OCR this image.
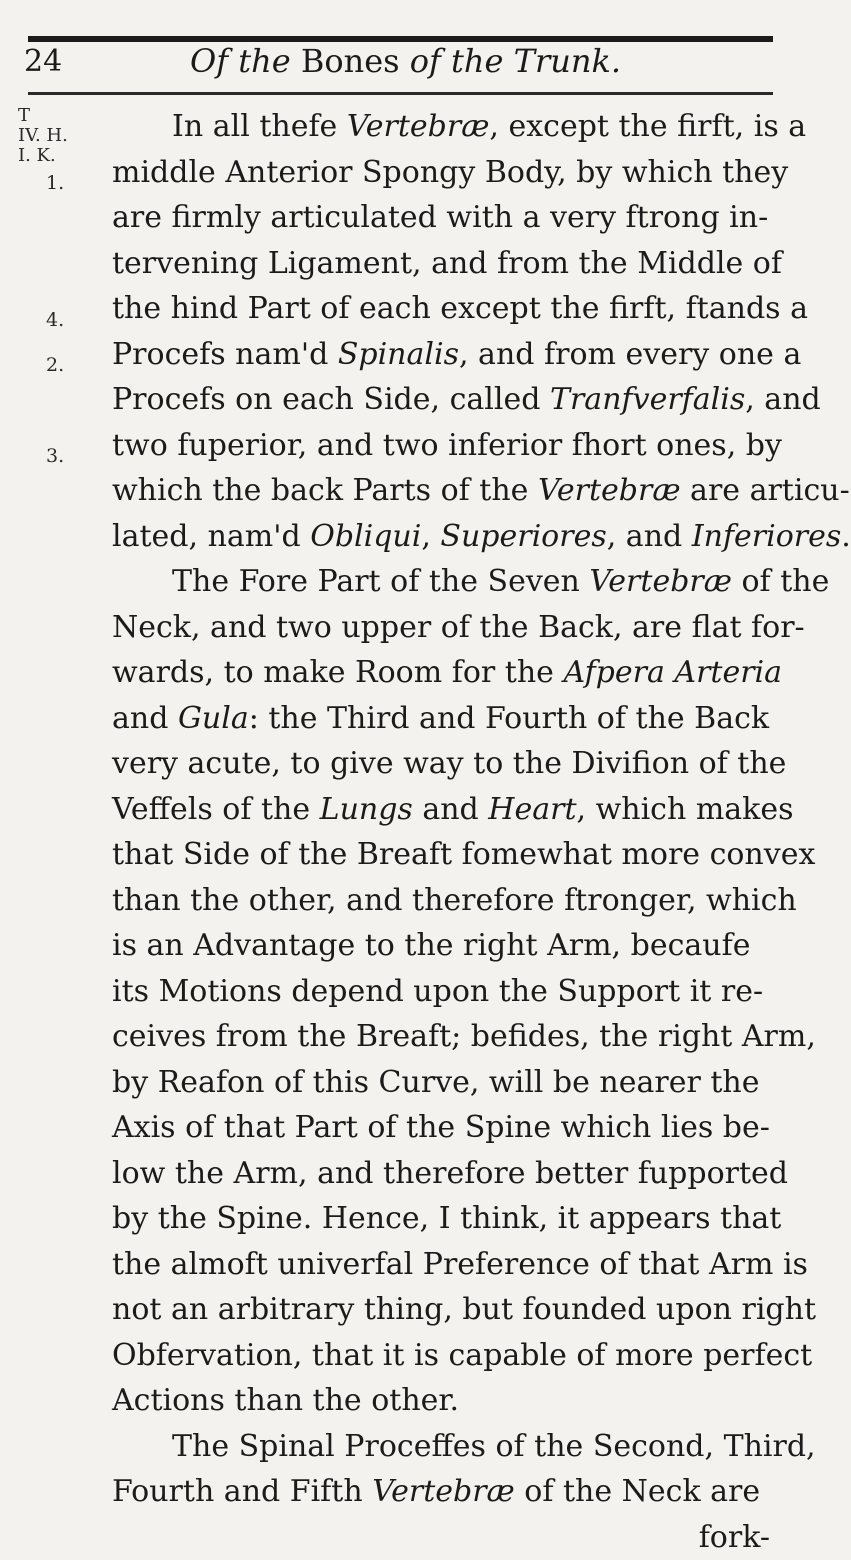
24	Of the Bones of the Trunk.
T
IV. H.
I. K.
1.
4.
2.
3.
In all thefe Vertebræ, except the firft, is a
middle Anterior Spongy Body, by which they
are firmly articulated with a very ftrong in-
tervening Ligament, and from the Middle of
the hind Part of each except the firft, ftands a
Procefs nam'd Spinalis, and from every one a
Procefs on each Side, called Tranfverfalis, and
two fuperior, and two inferior fhort ones, by
which the back Parts of the Vertebræ are articu-
lated, nam'd Obliqui, Superiores, and Inferiores.
The Fore Part of the Seven Vertebræ of the
Neck, and two upper of the Back, are flat for-
wards, to make Room for the Afpera Arteria
and Gula: the Third and Fourth of the Back
very acute, to give way to the Divifion of the
Veffels of the Lungs and Heart, which makes
that Side of the Breaft fomewhat more convex
than the other, and therefore ftronger, which
is an Advantage to the right Arm, becaufe
its Motions depend upon the Support it re-
ceives from the Breaft; befides, the right Arm,
by Reafon of this Curve, will be nearer the
Axis of that Part of the Spine which lies be-
low the Arm, and therefore better fupported
by the Spine. Hence, I think, it appears that
the almoft univerfal Preference of that Arm is
not an arbitrary thing, but founded upon right
Obfervation, that it is capable of more perfect
Actions than the other.
The Spinal Proceffes of the Second, Third,
Fourth and Fifth Vertebræ of the Neck are
fork-
